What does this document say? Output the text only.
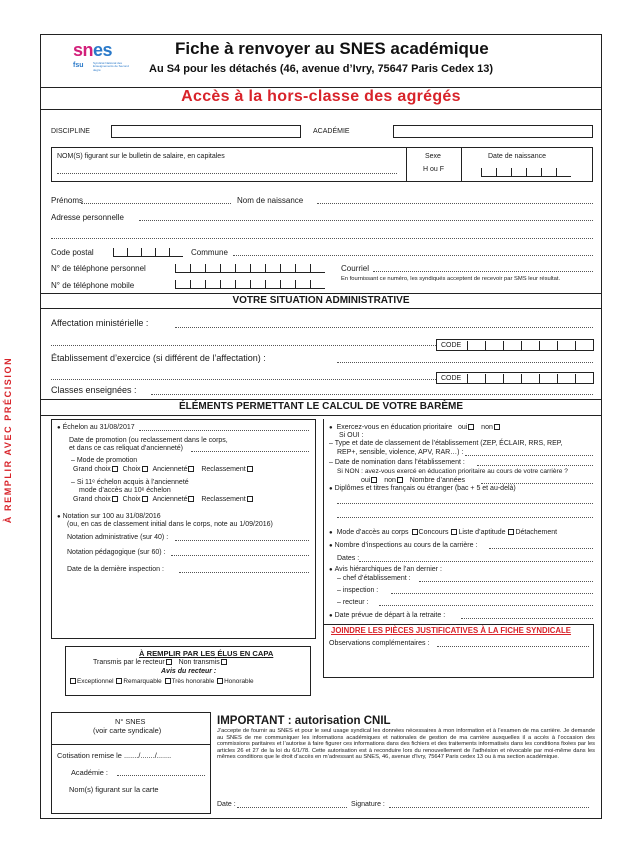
À REMPLIR AVEC PRÉCISION
snes
fsu	Syndicat National des Enseignements de Second degré
Fiche à renvoyer au SNES académique
Au S4 pour les détachés (46, avenue d’Ivry, 75647 Paris Cedex 13)
Accès à la hors-classe des agrégés
DISCIPLINE	ACADÉMIE
NOM(S) figurant sur le bulletin de salaire, en capitales	Sexe
H ou F
Date de naissance
Prénoms	Nom de naissance
Adresse personnelle
Code postal	Commune
N° de téléphone personnel	Courriel
N° de téléphone mobile
En fournissant ce numéro, les syndiqués acceptent de recevoir par SMS leur résultat.
VOTRE SITUATION ADMINISTRATIVE
Affectation ministérielle :
CODE
Établissement d’exercice (si différent de l’affectation) :
CODE
Classes enseignées :
ÉLÉMENTS PERMETTANT LE CALCUL DE VOTRE BARÈME
● Échelon au 31/08/2017
Date de promotion (ou reclassement dans le corps,
et dans ce cas reliquat d’ancienneté)
– Mode de promotion
Grand choix Choix Ancienneté Reclassement
– Si 11ᵉ échelon acquis à l’ancienneté
mode d’accès au 10ᵉ échelon
Grand choix Choix Ancienneté Reclassement
● Notation sur 100 au 31/08/2016
(ou, en cas de classement initial dans le corps, note au 1/09/2016)
Notation administrative (sur 40) :
Notation pédagogique (sur 60) :
Date de la dernière inspection :
● Exercez-vous en éducation prioritaire oui non
Si OUI :
– Type et date de classement de l’établissement (ZEP, ÉCLAIR, RRS, REP,
REP+, sensible, violence, APV, RAR…) :
– Date de nomination dans l’établissement :
Si NON : avez-vous exercé en éducation prioritaire au cours de votre carrière ?
oui non Nombre d’années
● Diplômes et titres français ou étranger (bac + 5 et au-delà)
● Mode d’accès au corps Concours Liste d’aptitude Détachement
● Nombre d’inspections au cours de la carrière :
Dates :
● Avis hiérarchiques de l’an dernier :
– chef d’établissement :
– inspection :
– recteur :
● Date prévue de départ à la retraite :
JOINDRE LES PIÈCES JUSTIFICATIVES À LA FICHE SYNDICALE
Observations complémentaires :
À REMPLIR PAR LES ÉLUS EN CAPA
Transmis par le recteur Non transmis
Avis du recteur :
Exceptionnel Remarquable Très honorable Honorable
N° SNES
(voir carte syndicale)
Cotisation remise le ......./......./.......
Académie :
Nom(s) figurant sur la carte
IMPORTANT : autorisation CNIL
J’accepte de fournir au SNES et pour le seul usage syndical les données nécessaires à mon information et à l’examen de ma carrière. Je demande au SNES de me communiquer les informations académiques et nationales de gestion de ma carrière auxquelles il a accès à l’occasion des commissions paritaires et l’autorise à faire figurer ces informations dans des fichiers et des traitements informatisés dans les conditions fixées par les articles 26 et 27 de la loi du 6/1/78. Cette autorisation est à reconduire lors du renouvellement de l’adhésion et révocable par moi-même dans les mêmes conditions que le droit d’accès en m’adressant au SNES, 46, avenue d’Ivry, 75647 Paris cedex 13 ou à ma section académique.
Date :	Signature :
